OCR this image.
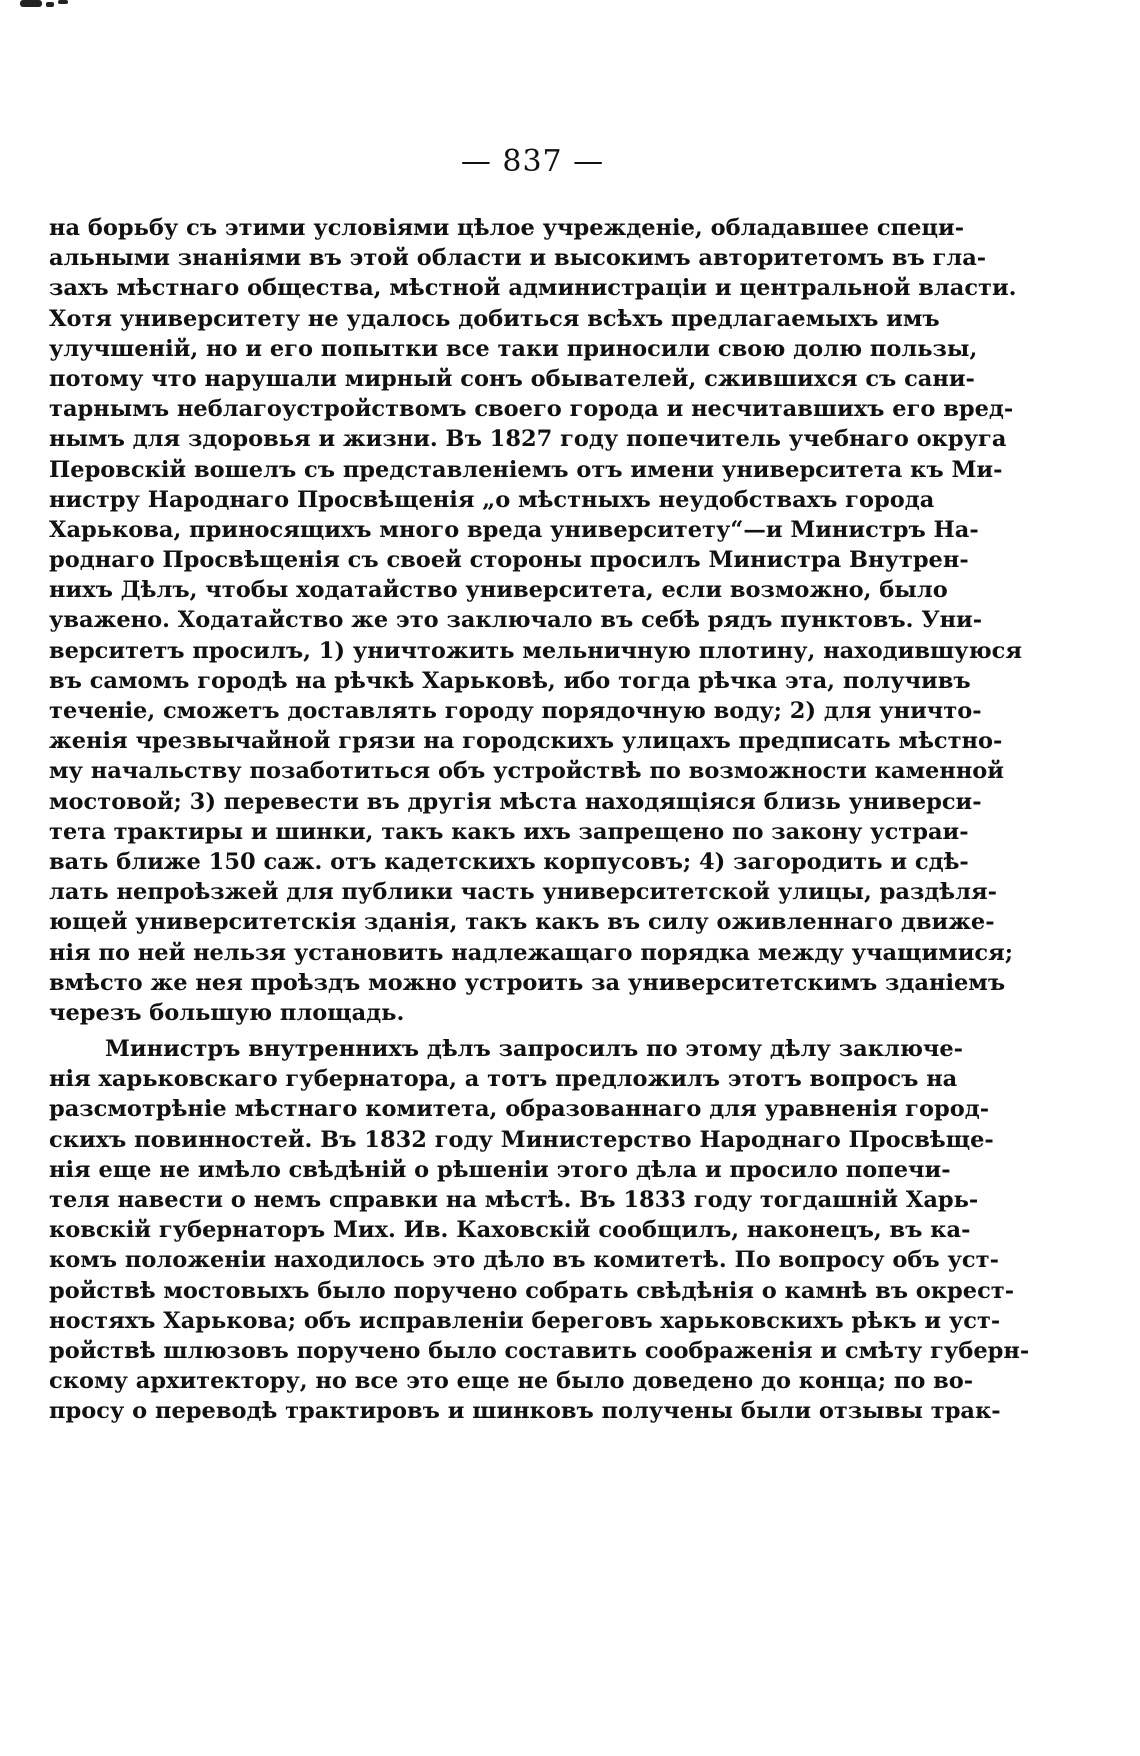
— 837 —
на борьбу съ этими условіями цѣлое учрежденіе, обладавшее специ-
альными знаніями въ этой области и высокимъ авторитетомъ въ гла-
захъ мѣстнаго общества, мѣстной администраціи и центральной власти.
Хотя университету не удалось добиться всѣхъ предлагаемыхъ имъ
улучшеній, но и его попытки все таки приносили свою долю пользы,
потому что нарушали мирный сонъ обывателей, сжившихся съ сани-
тарнымъ неблагоустройствомъ своего города и несчитавшихъ его вред-
нымъ для здоровья и жизни. Въ 1827 году попечитель учебнаго округа
Перовскій вошелъ съ представленіемъ отъ имени университета къ Ми-
нистру Народнаго Просвѣщенія „о мѣстныхъ неудобствахъ города
Харькова, приносящихъ много вреда университету“—и Министръ На-
роднаго Просвѣщенія съ своей стороны просилъ Министра Внутрен-
нихъ Дѣлъ, чтобы ходатайство университета, если возможно, было
уважено. Ходатайство же это заключало въ себѣ рядъ пунктовъ. Уни-
верситетъ просилъ, 1) уничтожить мельничную плотину, находившуюся
въ самомъ городѣ на рѣчкѣ Харьковѣ, ибо тогда рѣчка эта, получивъ
теченіе, сможетъ доставлять городу порядочную воду; 2) для уничто-
женія чрезвычайной грязи на городскихъ улицахъ предписать мѣстно-
му начальству позаботиться объ устройствѣ по возможности каменной
мостовой; 3) перевести въ другія мѣста находящіяся близь универси-
тета трактиры и шинки, такъ какъ ихъ запрещено по закону устраи-
вать ближе 150 саж. отъ кадетскихъ корпусовъ; 4) загородить и сдѣ-
лать непроѣзжей для публики часть университетской улицы, раздѣля-
ющей университетскія зданія, такъ какъ въ силу оживленнаго движе-
нія по ней нельзя установить надлежащаго порядка между учащимися;
вмѣсто же нея проѣздъ можно устроить за университетскимъ зданіемъ
черезъ большую площадь.
Министръ внутреннихъ дѣлъ запросилъ по этому дѣлу заключе-
нія харьковскаго губернатора, а тотъ предложилъ этотъ вопросъ на
разсмотрѣніе мѣстнаго комитета, образованнаго для уравненія город-
скихъ повинностей. Въ 1832 году Министерство Народнаго Просвѣще-
нія еще не имѣло свѣдѣній о рѣшеніи этого дѣла и просило попечи-
теля навести о немъ справки на мѣстѣ. Въ 1833 году тогдашній Харь-
ковскій губернаторъ Мих. Ив. Каховскій сообщилъ, наконецъ, въ ка-
комъ положеніи находилось это дѣло въ комитетѣ. По вопросу объ уст-
ройствѣ мостовыхъ было поручено собрать свѣдѣнія о камнѣ въ окрест-
ностяхъ Харькова; объ исправленіи береговъ харьковскихъ рѣкъ и уст-
ройствѣ шлюзовъ поручено было составить соображенія и смѣту губерн-
скому архитектору, но все это еще не было доведено до конца; по во-
просу о переводѣ трактировъ и шинковъ получены были отзывы трак-
